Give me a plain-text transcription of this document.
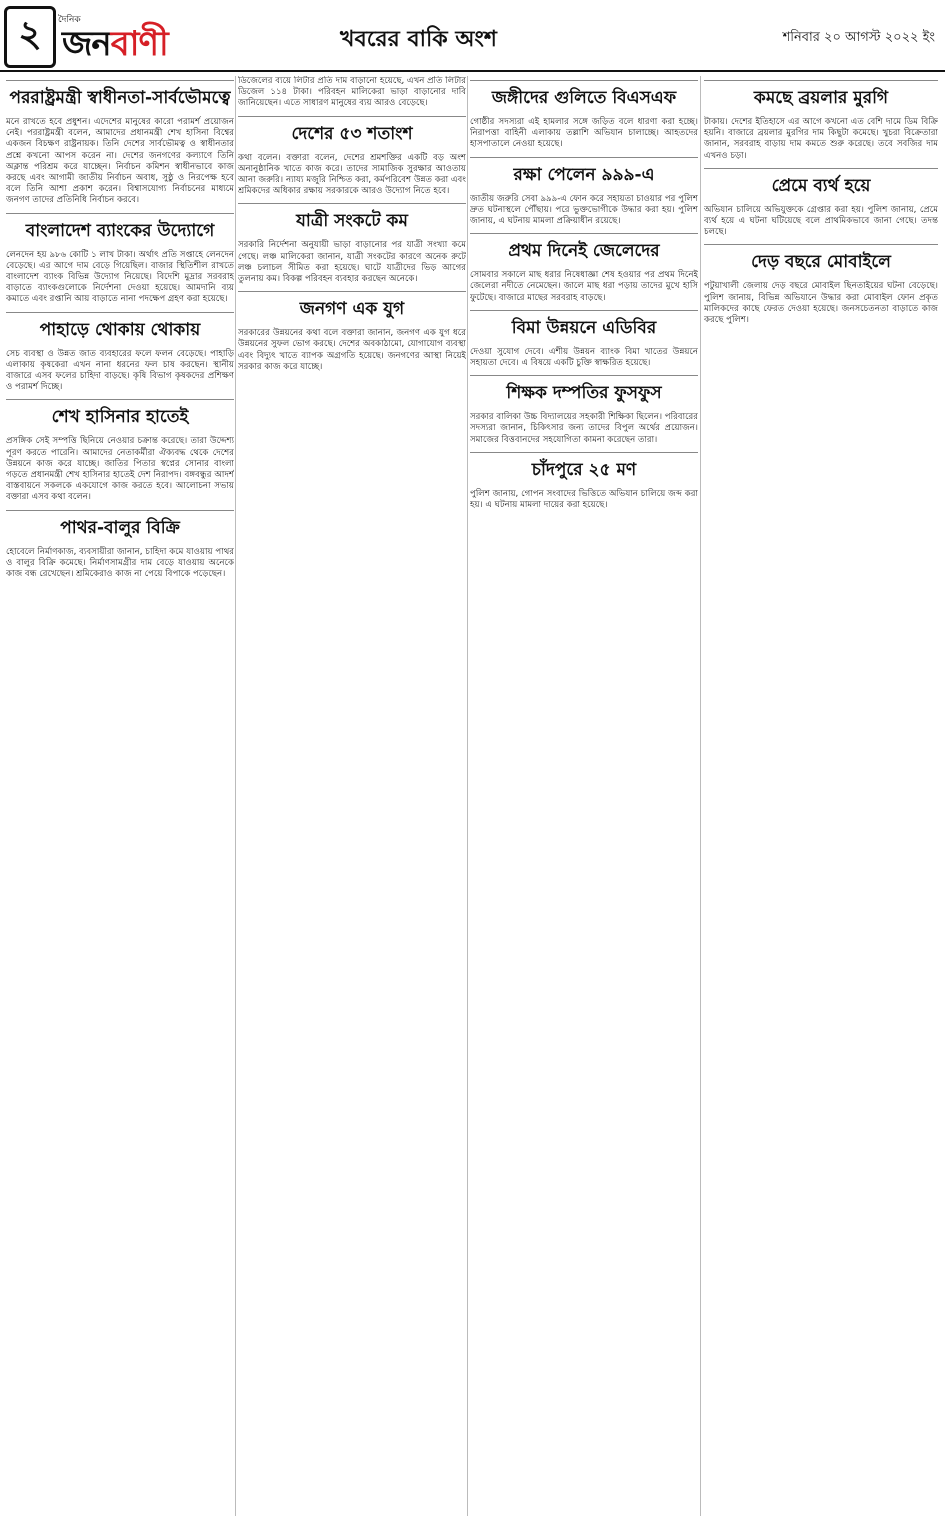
২	দৈনিক
জনবাণী	খবরের বাকি অংশ	শনিবার ২০ আগস্ট ২০২২ ইং
পররাষ্ট্রমন্ত্রী স্বাধীনতা-সার্বভৌমত্বে
মনে রাখতে হবে প্রধুশন। এদেশের মানুষের কারো পরামর্শ প্রয়োজন নেই। পররাষ্ট্রমন্ত্রী বলেন, আমাদের প্রধানমন্ত্রী শেখ হাসিনা বিশ্বের একজন বিচক্ষণ রাষ্ট্রনায়ক। তিনি দেশের সার্বভৌমত্ব ও স্বাধীনতার প্রশ্নে কখনো আপস করেন না। দেশের জনগণের কল্যাণে তিনি অক্লান্ত পরিশ্রম করে যাচ্ছেন। নির্বাচন কমিশন স্বাধীনভাবে কাজ করছে এবং আগামী জাতীয় নির্বাচন অবাধ, সুষ্ঠু ও নিরপেক্ষ হবে বলে তিনি আশা প্রকাশ করেন। বিশ্বাসযোগ্য নির্বাচনের মাধ্যমে জনগণ তাদের প্রতিনিধি নির্বাচন করবে।
বাংলাদেশ ব্যাংকের উদ্যোগে
লেনদেন হয় ৯৮৬ কোটি ১ লাখ টাকা। অর্থাৎ প্রতি সপ্তাহে লেনদেন বেড়েছে। এর আগে দাম বেড়ে গিয়েছিল। বাজার স্থিতিশীল রাখতে বাংলাদেশ ব্যাংক বিভিন্ন উদ্যোগ নিয়েছে। বিদেশি মুদ্রার সরবরাহ বাড়াতে ব্যাংকগুলোকে নির্দেশনা দেওয়া হয়েছে। আমদানি ব্যয় কমাতে এবং রপ্তানি আয় বাড়াতে নানা পদক্ষেপ গ্রহণ করা হয়েছে।
পাহাড়ে থোকায় থোকায়
সেচ ব্যবস্থা ও উন্নত জাত ব্যবহারের ফলে ফলন বেড়েছে। পাহাড়ি এলাকায় কৃষকেরা এখন নানা ধরনের ফল চাষ করছেন। স্থানীয় বাজারে এসব ফলের চাহিদা বাড়ছে। কৃষি বিভাগ কৃষকদের প্রশিক্ষণ ও পরামর্শ দিচ্ছে।
শেখ হাসিনার হাতেই
প্রসঙ্গিক সেই সম্পত্তি ছিনিয়ে নেওয়ার চক্রান্ত করেছে। তারা উদ্দেশ্য পূরণ করতে পারেনি। আমাদের নেতাকর্মীরা ঐক্যবদ্ধ থেকে দেশের উন্নয়নে কাজ করে যাচ্ছে। জাতির পিতার স্বপ্নের সোনার বাংলা গড়তে প্রধানমন্ত্রী শেখ হাসিনার হাতেই দেশ নিরাপদ। বঙ্গবন্ধুর আদর্শ বাস্তবায়নে সকলকে একযোগে কাজ করতে হবে। আলোচনা সভায় বক্তারা এসব কথা বলেন।
পাথর-বালুর বিক্রি
হোবেলে নির্মাণকাজ, ব্যবসায়ীরা জানান, চাহিদা কমে যাওয়ায় পাথর ও বালুর বিক্রি কমেছে। নির্মাণসামগ্রীর দাম বেড়ে যাওয়ায় অনেকে কাজ বন্ধ রেখেছেন। শ্রমিকেরাও কাজ না পেয়ে বিপাকে পড়েছেন।
ডিজেলের ব্যয়ে লিটার প্রতি দাম বাড়ানো হয়েছে, এখন প্রতি লিটার ডিজেল ১১৪ টাকা। পরিবহন মালিকেরা ভাড়া বাড়ানোর দাবি জানিয়েছেন। এতে সাধারণ মানুষের ব্যয় আরও বেড়েছে।
দেশের ৫৩ শতাংশ
কথা বলেন। বক্তারা বলেন, দেশের শ্রমশক্তির একটি বড় অংশ অনানুষ্ঠানিক খাতে কাজ করে। তাদের সামাজিক সুরক্ষার আওতায় আনা জরুরি। ন্যায্য মজুরি নিশ্চিত করা, কর্মপরিবেশ উন্নত করা এবং শ্রমিকদের অধিকার রক্ষায় সরকারকে আরও উদ্যোগ নিতে হবে।
যাত্রী সংকটে কম
সরকারি নির্দেশনা অনুযায়ী ভাড়া বাড়ানোর পর যাত্রী সংখ্যা কমে গেছে। লঞ্চ মালিকেরা জানান, যাত্রী সংকটের কারণে অনেক রুটে লঞ্চ চলাচল সীমিত করা হয়েছে। ঘাটে যাত্রীদের ভিড় আগের তুলনায় কম। বিকল্প পরিবহন ব্যবহার করছেন অনেকে।
জনগণ এক যুগ
সরকারের উন্নয়নের কথা বলে বক্তারা জানান, জনগণ এক যুগ ধরে উন্নয়নের সুফল ভোগ করছে। দেশের অবকাঠামো, যোগাযোগ ব্যবস্থা এবং বিদ্যুৎ খাতে ব্যাপক অগ্রগতি হয়েছে। জনগণের আস্থা নিয়েই সরকার কাজ করে যাচ্ছে।
জঙ্গীদের গুলিতে বিএসএফ
গোষ্ঠীর সদস্যরা এই হামলার সঙ্গে জড়িত বলে ধারণা করা হচ্ছে। নিরাপত্তা বাহিনী এলাকায় তল্লাশি অভিযান চালাচ্ছে। আহতদের হাসপাতালে নেওয়া হয়েছে।
রক্ষা পেলেন ৯৯৯-এ
জাতীয় জরুরি সেবা ৯৯৯-এ ফোন করে সহায়তা চাওয়ার পর পুলিশ দ্রুত ঘটনাস্থলে পৌঁছায়। পরে ভুক্তভোগীকে উদ্ধার করা হয়। পুলিশ জানায়, এ ঘটনায় মামলা প্রক্রিয়াধীন রয়েছে।
প্রথম দিনেই জেলেদের
সোমবার সকালে মাছ ধরার নিষেধাজ্ঞা শেষ হওয়ার পর প্রথম দিনেই জেলেরা নদীতে নেমেছেন। জালে মাছ ধরা পড়ায় তাদের মুখে হাসি ফুটেছে। বাজারে মাছের সরবরাহ বাড়ছে।
বিমা উন্নয়নে এডিবির
দেওয়া সুযোগ দেবে। এশীয় উন্নয়ন ব্যাংক বিমা খাতের উন্নয়নে সহায়তা দেবে। এ বিষয়ে একটি চুক্তি স্বাক্ষরিত হয়েছে।
শিক্ষক দম্পতির ফুসফুস
সরকার বালিকা উচ্চ বিদ্যালয়ের সহকারী শিক্ষিকা ছিলেন। পরিবারের সদস্যরা জানান, চিকিৎসার জন্য তাদের বিপুল অর্থের প্রয়োজন। সমাজের বিত্তবানদের সহযোগিতা কামনা করেছেন তারা।
চাঁদপুরে ২৫ মণ
পুলিশ জানায়, গোপন সংবাদের ভিত্তিতে অভিযান চালিয়ে জব্দ করা হয়। এ ঘটনায় মামলা দায়ের করা হয়েছে।
কমছে ব্রয়লার মুরগি
টাকায়। দেশের ইতিহাসে এর আগে কখনো এত বেশি দামে ডিম বিক্রি হয়নি। বাজারে ব্রয়লার মুরগির দাম কিছুটা কমেছে। খুচরা বিক্রেতারা জানান, সরবরাহ বাড়ায় দাম কমতে শুরু করেছে। তবে সবজির দাম এখনও চড়া।
প্রেমে ব্যর্থ হয়ে
অভিযান চালিয়ে অভিযুক্তকে গ্রেপ্তার করা হয়। পুলিশ জানায়, প্রেমে ব্যর্থ হয়ে এ ঘটনা ঘটিয়েছে বলে প্রাথমিকভাবে জানা গেছে। তদন্ত চলছে।
দেড় বছরে মোবাইলে
পটুয়াখালী জেলায় দেড় বছরে মোবাইল ছিনতাইয়ের ঘটনা বেড়েছে। পুলিশ জানায়, বিভিন্ন অভিযানে উদ্ধার করা মোবাইল ফোন প্রকৃত মালিকদের কাছে ফেরত দেওয়া হয়েছে। জনসচেতনতা বাড়াতে কাজ করছে পুলিশ।
